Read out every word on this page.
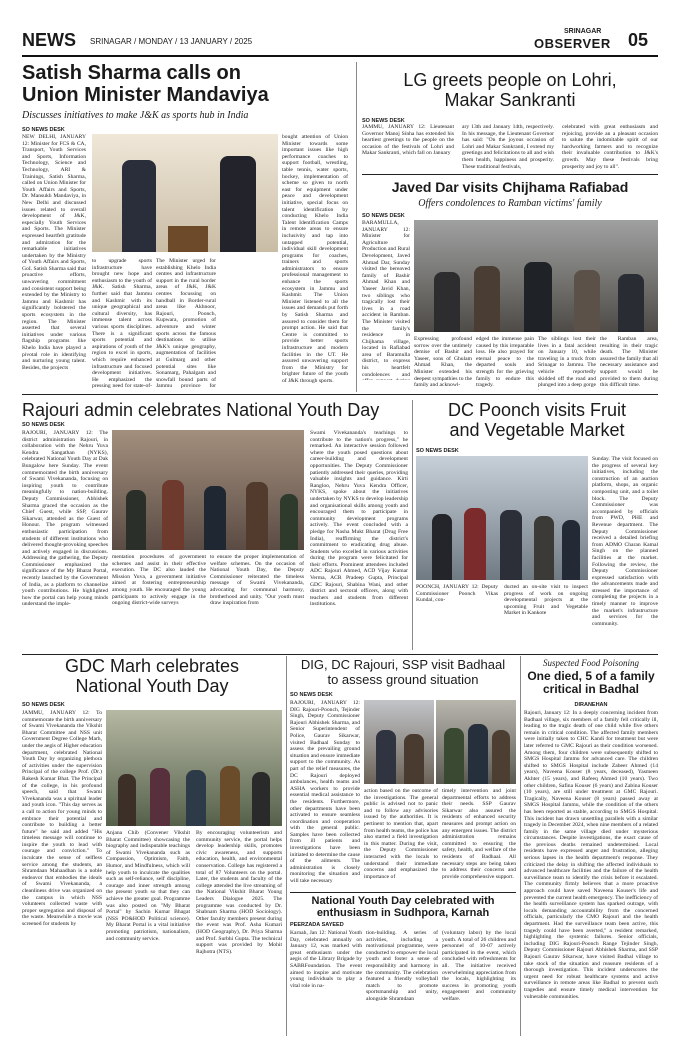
NEWS	SRINAGAR / MONDAY / 13 JANUARY / 2025
SRINAGAR
OBSERVER 05
Satish Sharma calls on
Union Minister Mandaviya
Discusses initiatives to make J&K as sports hub in India
SO NEWS DESK
NEW DELHI, JANUARY 12: Minister for FCS & CA, Transport, Youth Services and Sports, Information Technology, Science and Technology, ARI & Trainings, Satish Sharma, called on Union Minister for Youth Affairs and Sports, Dr. Mansukh Mandaviya, in New Delhi and discussed issues related to overall development of J&K, especially Youth Services and Sports. The Minister expressed heartfelt gratitude and admiration for the remarkable initiatives undertaken by the Ministry of Youth Affairs and Sports, GoI. Satish Sharma said that proactive efforts, unwavering commitment and consistent support being extended by the Ministry to Jammu and Kashmir has significantly bolstered the sports ecosystem in the region. The Minister asserted that several initiatives under various flagship programs like Khelo India have played a pivotal role in identifying and nurturing young talent. Besides, the projects
to upgrade sports infrastructure have brought new hope and enthusiasm to the youth of J&K. Satish Sharma, further said that Jammu and Kashmir with its unique geographical and cultural diversity, has immense talent across various sports disciplines. There is a significant sports potential and aspirations of youth of the region to excel in sports, which require enhanced infrastructure and focused development initiatives. He emphasized the pressing need for state-of-
The Minister urged for establishing Khelo India centres and infrastructure support in the rural border areas of J&K, J&K centres focussing on handball in Border-rural areas like Akhnoor, Rajouri, Poonch, Kupwara, promotion of adventure and winter sports across the famous destinations to utilise J&K's unique geography, augmentation of facilities at Gulmarg and other potential sites like Sonamarg, Pahalgam and snowfall bound parts of Jammu province for
bought attention of Union Minister towards some important issues like high performance coaches to support football, wrestling, table tennis, water sports, hockey, implementation of scheme so given to north east for equipment under peace and development initiative, special focus on talent identification by conducting Khelo India Talent Identification Camps in remote areas to ensure inclusivity and tap into untapped potential, individual skill development programs for coaches, trainers and sports administrators to ensure professional management to enhance the sports ecosystem in Jammu and Kashmir. The Union Minister listened to all the issues and demands put forth by Satish Sharma and assured to consider them for prompt action. He said that Centre is committed to provide better sports infrastructure and modern facilities in the UT. He assured unwavering support from the Ministry for brighter future of the youth of J&K through sports.
LG greets people on Lohri,
Makar Sankranti
SO NEWS DESK
JAMMU, JANUARY 12: Lieutenant Governor Manoj Sinha has extended his heartiest greetings to the people on the occasion of the festivals of Lohri and Makar Sankranti, which fall on January
ary 13th and January 14th, respectively. In his message, the Lieutenant Governor has said: "On the joyous occasion of Lohri and Makar Sankranti, I extend my greetings and felicitations to all and wish them health, happiness and prosperity. These traditional festivals,
celebrated with great enthusiasm and rejoicing, provide an a pleasant occasion to salute the indomitable spirit of our hardworking farmers and to recognize their invaluable contribution to J&K's growth. May these festivals bring prosperity and joy to all".
Javed Dar visits Chijhama Rafiabad
Offers condolences to Ramban victims' family
SO NEWS DESK
BARAMULLA, JANUARY 12: Minister for Agriculture Production and Rural Development, Javed Ahmad Dar, Sunday visited the bereaved family of Bashir Ahmad Khan and Yaseer Javid Khan, two siblings who tragically lost their lives in a road accident in Ramban. The Minister visited the family's residence in Chijhama village, located in Rafiabad area of Baramulla district, to express his heartfelt condolences and
Expressing profound sorrow over the untimely demise of Bashir and Yaseer, sons of Ghulam Ahmad Khan, the Minister extended his deepest sympathies to the family and acknowl-
edged the immense pain caused by this irreparable loss. He also prayed for eternal peace to the departed souls and strength for the grieving family to endure this tragedy.
The siblings lost their lives in a fatal accident on January 10, while traveling in a truck from Srinagar to Jammu. The vehicle reportedly skidded off the road and plunged into a deep gorge
the Ramban area, resulting in their tragic death. The Minister assured the family that all necessary assistance and support would be provided to them during this difficult time.
Rajouri admin celebrates National Youth Day
SO NEWS DESK
RAJOURI, JANUARY 12: The district administration Rajouri, in collaboration with the Nehru Yuva Kendra Sangathan (NYKS), celebrated National Youth Day at Dak Bungalow here Sunday. The event commemorated the birth anniversary of Swami Vivekananda, focusing on inspiring youth to contribute meaningfully to nation-building. Deputy Commissioner, Abhishek Sharma graced the occasion as the Chief Guest, while SSP, Gaurav Sikarwar, attended as the Guest of Honour. The program witnessed enthusiastic participation from students of different institutions who delivered thought-provoking speeches and actively engaged in discussions. Addressing the gathering, the Deputy Commissioner emphasized the significance of the My Bharat Portal, recently launched by the Government of India, as a platform to channelize youth contributions. He highlighted how the portal can help young minds understand the imple-
mentation procedures of government schemes and assist in their effective execution. The DC also lauded the Mission Yuva, a government initiative aimed at fostering entrepreneurship among youth. He encouraged the young participants to actively engage in the ongoing district-wide surveys
to ensure the proper implementation of welfare schemes. On the occasion of National Youth Day, the Deputy Commissioner reiterated the timeless message of Swami Vivekananda, advocating for communal harmony, brotherhood and unity. "Our youth must draw inspiration from
Swami Vivekananda's teachings to contribute to the nation's progress," he remarked. An interactive session followed where the youth posed questions about career-building and development opportunities. The Deputy Commissioner patiently addressed their queries, providing valuable insights and guidance. Kirti Rangloo, Nehru Yuva Kendra Officer, NYKS, spoke about the initiatives undertaken by NYKS to develop leadership and organisational skills among youth and encouraged them to participate in community development programs actively. The event concluded with a pledge for Nasha Mukt Bharat (Drug Free India), reaffirming the district's commitment to eradicating drug abuse. Students who excelled in various activities during the program were felicitated for their efforts. Prominent attendees included ADC Rajouri Ahmed, ACD Vijay Kumar Verma, ACR Pradeep Gupta, Principal GDC Rajouri, Shabina Wani, and other district and sectoral officers, along with teachers and students from different institutions.
DC Poonch visits Fruit
and Vegetable Market
SO NEWS DESK
POONCH, JANUARY 12: Deputy Commissioner Poonch Vikas Kundal, con-
ducted an on-site visit to inspect progress of work on ongoing developmental projects at the upcoming Fruit and Vegetable Market in Kankote
Sunday. The visit focused on the progress of several key initiatives, including the construction of an auction platform, shops, an organic composting unit, and a toilet block. The Deputy Commissioner was accompanied by officials from PWD, PHE and Revenue department. The Deputy Commissioner received a detailed briefing from ADMO Charan Kamal Singh on the planned facilities at the market. Following the review, the Deputy Commissioner expressed satisfaction with the advancements made and stressed the importance of completing the projects in a timely manner to improve the market's infrastructure and services for the community.
GDC Marh celebrates
National Youth Day
SO NEWS DESK
JAMMU, JANUARY 12: To commemorate the birth anniversary of Swami Vivekananda the Vikshit Bharat Committee and NSS unit Government Degree College Marh, under the aegis of Higher education department, celebrated National Youth Day by organizing plethora of activities under the supervision Principal of the college Prof. (Dr.) Rakesh Kumar Bhat. The Principal of the college, in his profound speech, said that Swami Vivekananda was a spiritual leader and youth icon. "This day serves as a call to action for young minds to embrace their potential and contribute to building a better future" he said and added "His timeless message will continue to inspire the youth to lead with courage and conviction." To inculcate the sense of selfless service among the students, an Shramdaan Mahaadhan is a noble endeavor that embodies the ideals of Swami Vivekananda, a cleanliness drive was organized on the campus in which NSS volunteers collected waste with proper segregation and disposal of the waste. Meanwhile a movie was screened for students by
Anjana Chib (Convener Vikshit Bharat Committee) showcasing the biography and indisputable teachings of Swami Vivekananda such as Compassion, Optimism, Faith, Humor, and Mindfulness, which will help youth to inculcate the qualities such as self-reliance, self discipline, courage and inner strength among the present youth so that they can achieve the greater goal. Programme was also posted on "My Bharat Portal" by Sachin Kumar Bhagat (NSS PO&HOD Political science). My Bharat Portal is a vital initiative promoting patriotism, nationalism, and community service.
By encouraging volunteerism and community service, the portal helps develop leadership skills, promotes civic awareness, and supports education, health, and environmental conservation. College has registered a total of 87 Volunteers on the portal. Later, the students and faculty of the college attended the live streaming of the National Vikshit Bharat Young Leaders Dialogue 2025. The programme was conducted by Dr. Shabnam Sharma (HOD Sociology). Other faculty members present during the event was Prof. Asha Kumari (HOD Geography), Dr. Priya Sharma and Prof. Surbhi Gupta. The technical support was provided by Mohit Rajhotra (NTS).
DIG, DC Rajouri, SSP visit Badhaal
to assess ground situation
SO NEWS DESK
RAJOURI, JANUARY 12: DIG Rajouri-Poonch, Tejinder Singh, Deputy Commissioner Rajouri Abhishek Sharma, and Senior Superintendent of Police, Gaurav Sikarwar, visited Badhaal Sunday to assess the prevailing ground situation and ensure immediate support to the community. As part of the relief measures, the DC Rajouri deployed ambulances, health teams and ASHA workers to provide essential medical assistance to the residents. Furthermore, other departments have been activated to ensure seamless coordination and cooperation with the general public. Samples have been collected from ill patients and investigations have been initiated to determine the cause of the ailments. The administration is closely monitoring the situation and will take necessary
action based on the outcome of the investigations. The general public is advised not to panic and to follow any advisories issued by the authorities. It is pertinent to mention that, apart from health teams, the police has also started a field investigation in this matter. During the visit, the Deputy Commissioner interacted with the locals to understand their immediate concerns and emphasized the importance of
timely intervention and joint departmental efforts to address their needs. SSP Gaurav Sikarwar also assured the residents of enhanced security measures and prompt action on any emergent issues. The district administration remains committed to ensuring the safety, health, and welfare of the residents of Badhaal. All necessary steps are being taken to address their concerns and provide comprehensive support.
National Youth Day celebrated with
enthusiasm in Sudhpora, Karnah
PEERZADA SAYEED
Karnah, Jan 12: National Youth Day, celebrated annually on January 12, was marked with great enthusiasm under the aegis of the Library Brigade by SABRFoundation. The event aimed to inspire and motivate young individuals to play a vital role in na-
tion-building. A series of activities, including a motivational programme, were conducted to empower the local youth and foster a sense of responsibility and harmony in the community. The celebration featured a friendly volleyball match to promote sportsmanship and unity, alongside Shramdaan
(voluntary labor) by the local youth. A total of 26 children and personnel of 10-07 actively participated in the event, which concluded with refreshments for all. The initiative received overwhelming appreciation from the locals, highlighting its success in promoting youth engagement and community welfare.
Suspected Food Poisoning
One died, 5 of a family
critical in Badhal
DIRANEHAN
Rajouri, January 12: In a deeply concerning incident from Badhaal village, six members of a family fell critically ill, leading to the tragic death of one child while five others remain in critical condition. The affected family members were initially taken to CHC Kandi for treatment but were later referred to GMC Rajouri as their condition worsened. Among them, four children were subsequently shifted to SMGS Hospital Jammu for advanced care. The children shifted to SMGS Hospital include Zabeer Ahmed (14 years), Naveena Kouser (8 years, deceased), Yasmeen Akhter (15 years), and Rafeeq Ahmed (10 years). Two other children, Safina Kouser (6 years) and Zabina Kouser (10 years), are still under treatment at GMC Rajouri. Tragically, Naveena Kouser (8 years) passed away at SMGS Hospital Jammu, while the condition of the others has been reported as stable, according to SMGS Hospital. This incident has drawn unsettling parallels with a similar tragedy in December 2024, when nine members of a related family in the same village died under mysterious circumstances. Despite investigations, the exact cause of the previous deaths remained undetermined. Local residents have expressed anger and frustration, alleging serious lapses in the health department's response. They criticized the delay in shifting the affected individuals to advanced healthcare facilities and the failure of the health surveillance team to identify the crisis before it escalated. The community firmly believes that a more proactive approach could have saved Naveena Kouser's life and prevented the current health emergency. The inefficiency of the health surveillance system has sparked outrage, with locals demanding accountability from the concerned officials, particularly the CMO Rajouri and the health department. Had the surveillance team been active, this tragedy could have been averted," a resident remarked, highlighting the systemic failures. Senior officials, including DIG Rajouri-Poonch Range Tejinder Singh, Deputy Commissioner Rajouri Abhishek Sharma, and SSP Rajouri Gaurav Sikarwar, have visited Badhal village to take stock of the situation and reassure residents of a thorough investigation. This incident underscores the urgent need for robust healthcare systems and active surveillance in remote areas like Badhal to prevent such tragedies and ensure timely medical intervention for vulnerable communities.
